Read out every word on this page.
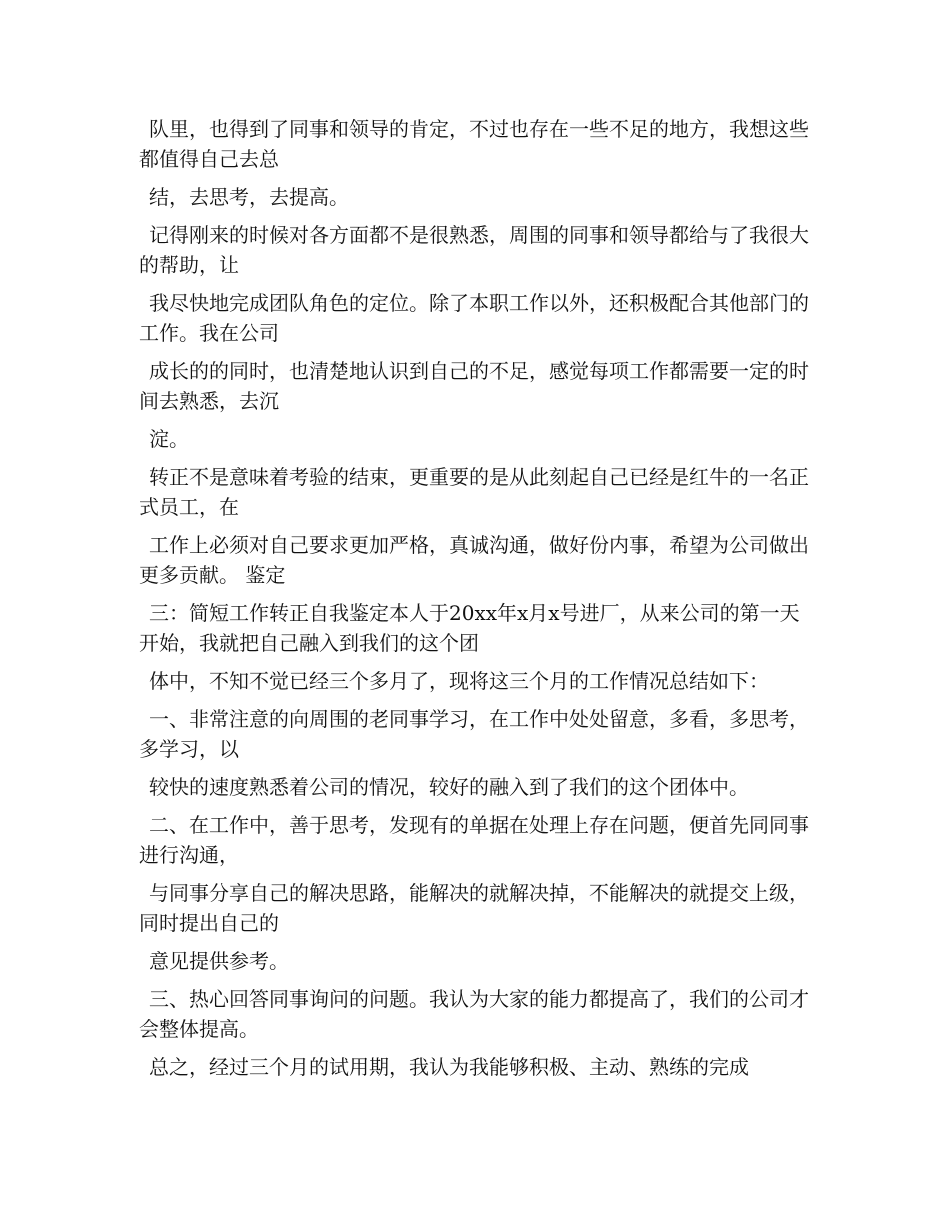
队里，也得到了同事和领导的肯定，不过也存在一些不足的地方，我想这些都值得自己去总

结，去思考，去提高。

记得刚来的时候对各方面都不是很熟悉，周围的同事和领导都给与了我很大的帮助，让

我尽快地完成团队角色的定位。除了本职工作以外，还积极配合其他部门的工作。我在公司

成长的的同时，也清楚地认识到自己的不足，感觉每项工作都需要一定的时间去熟悉，去沉

淀。

转正不是意味着考验的结束，更重要的是从此刻起自己已经是红牛的一名正式员工，在

工作上必须对自己要求更加严格，真诚沟通，做好份内事，希望为公司做出更多贡献。 鉴定

三：简短工作转正自我鉴定本人于20xx年x月x号进厂，从来公司的第一天开始，我就把自己融入到我们的这个团

体中，不知不觉已经三个多月了，现将这三个月的工作情况总结如下：

一、非常注意的向周围的老同事学习，在工作中处处留意，多看，多思考，多学习，以

较快的速度熟悉着公司的情况，较好的融入到了我们的这个团体中。

二、在工作中，善于思考，发现有的单据在处理上存在问题，便首先同同事进行沟通，

与同事分享自己的解决思路，能解决的就解决掉，不能解决的就提交上级，同时提出自己的

意见提供参考。

三、热心回答同事询问的问题。我认为大家的能力都提高了，我们的公司才会整体提高。

总之，经过三个月的试用期，我认为我能够积极、主动、熟练的完成
